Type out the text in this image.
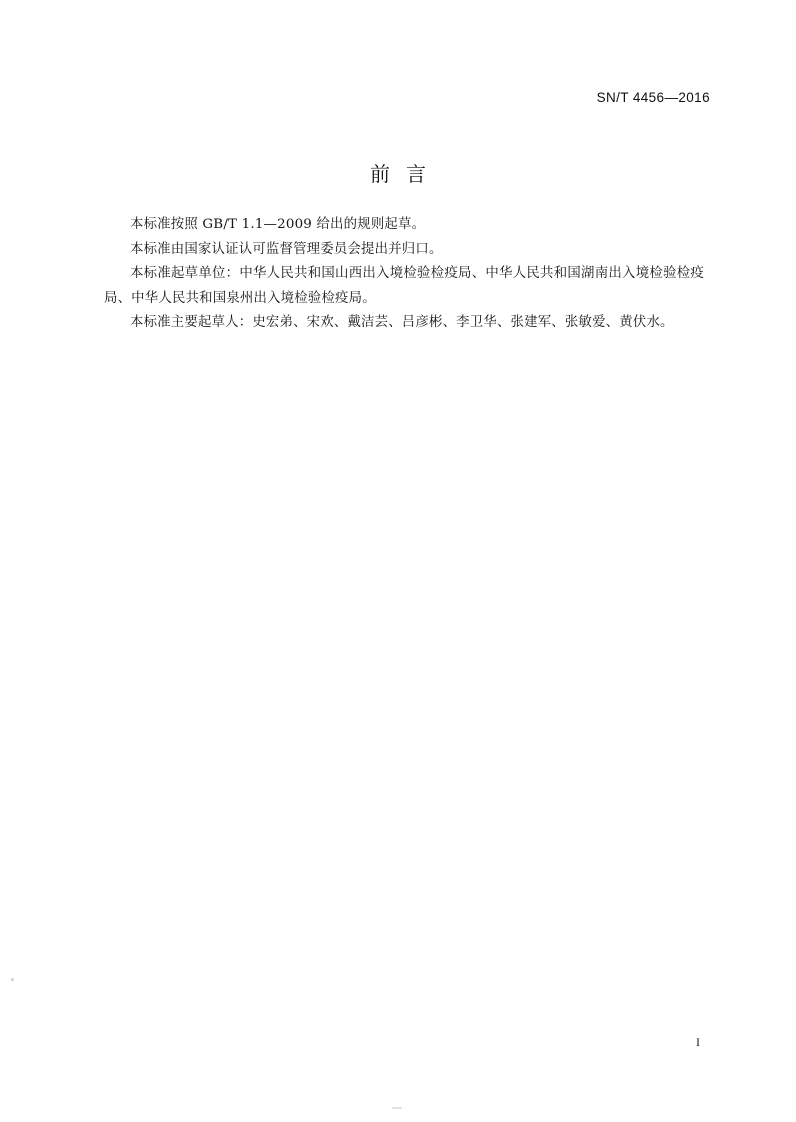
SN/T 4456—2016
前言

本标准按照 GB/T 1.1—2009 给出的规则起草。

本标准由国家认证认可监督管理委员会提出并归口。

本标准起草单位：中华人民共和国山西出入境检验检疫局、中华人民共和国湖南出入境检验检疫局、中华人民共和国泉州出入境检验检疫局。

本标准主要起草人：史宏弟、宋欢、戴洁芸、吕彦彬、李卫华、张建军、张敏爱、黄伏水。

I
